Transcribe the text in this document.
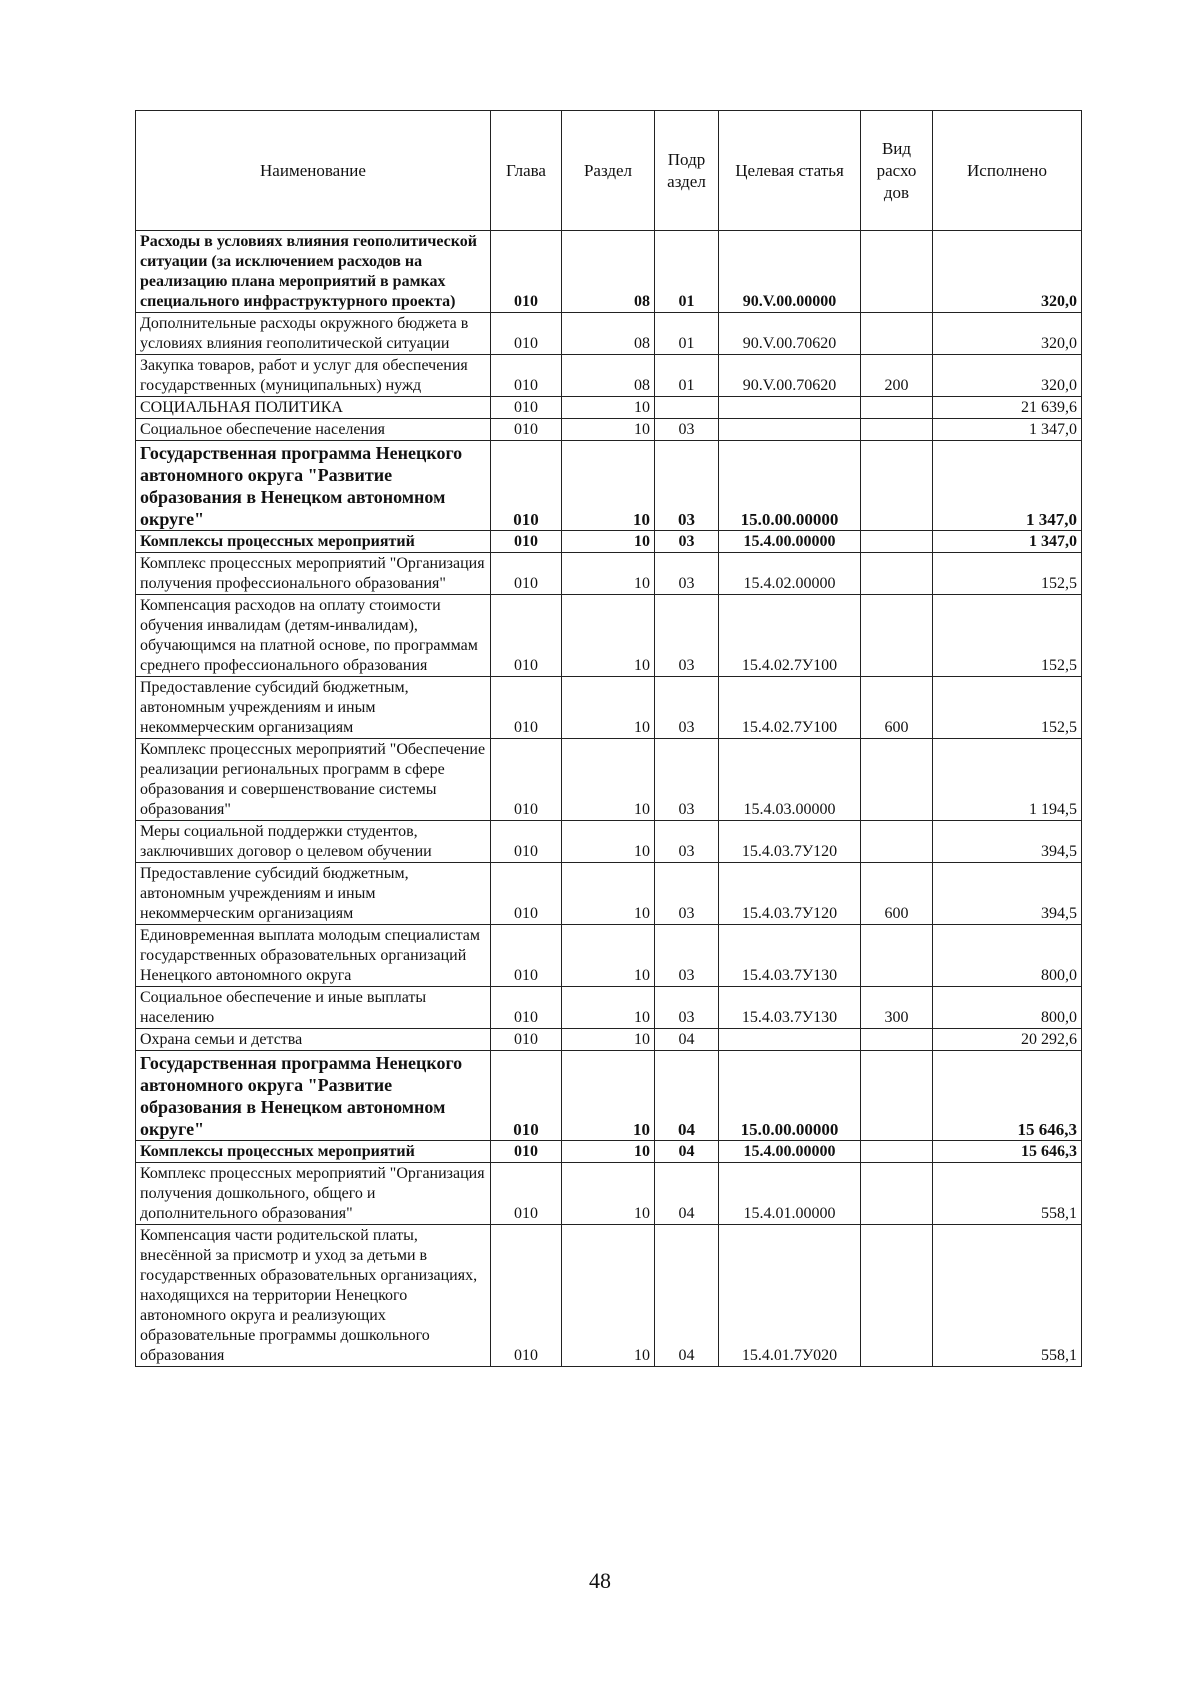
Наименование	Глава	Раздел	Подр аздел	Целевая статья	Вид расхо дов	Исполнено
Расходы в условиях влияния геополитической ситуации (за исключением расходов на реализацию плана мероприятий в рамках специального инфраструктурного проекта)	010	08	01	90.V.00.00000		320,0
Дополнительные расходы окружного бюджета в условиях влияния геополитической ситуации	010	08	01	90.V.00.70620		320,0
Закупка товаров, работ и услуг для обеспечения государственных (муниципальных) нужд	010	08	01	90.V.00.70620	200	320,0
СОЦИАЛЬНАЯ ПОЛИТИКА	010	10				21 639,6
Социальное обеспечение населения	010	10	03			1 347,0
Государственная программа Ненецкого автономного округа "Развитие образования в Ненецком автономном округе"	010	10	03	15.0.00.00000		1 347,0
Комплексы процессных мероприятий	010	10	03	15.4.00.00000		1 347,0
Комплекс процессных мероприятий "Организация получения профессионального образования"	010	10	03	15.4.02.00000		152,5
Компенсация расходов на оплату стоимости обучения инвалидам (детям-инвалидам), обучающимся на платной основе, по программам среднего профессионального образования	010	10	03	15.4.02.7У100		152,5
Предоставление субсидий бюджетным, автономным учреждениям и иным некоммерческим организациям	010	10	03	15.4.02.7У100	600	152,5
Комплекс процессных мероприятий "Обеспечение реализации региональных программ в сфере образования и совершенствование системы образования"	010	10	03	15.4.03.00000		1 194,5
Меры социальной поддержки студентов, заключивших договор о целевом обучении	010	10	03	15.4.03.7У120		394,5
Предоставление субсидий бюджетным, автономным учреждениям и иным некоммерческим организациям	010	10	03	15.4.03.7У120	600	394,5
Единовременная выплата молодым специалистам государственных образовательных организаций Ненецкого автономного округа	010	10	03	15.4.03.7У130		800,0
Социальное обеспечение и иные выплаты населению	010	10	03	15.4.03.7У130	300	800,0
Охрана семьи и детства	010	10	04			20 292,6
Государственная программа Ненецкого автономного округа "Развитие образования в Ненецком автономном округе"	010	10	04	15.0.00.00000		15 646,3
Комплексы процессных мероприятий	010	10	04	15.4.00.00000		15 646,3
Комплекс процессных мероприятий "Организация получения дошкольного, общего и дополнительного образования"	010	10	04	15.4.01.00000		558,1
Компенсация части родительской платы, внесённой за присмотр и уход за детьми в государственных образовательных организациях, находящихся на территории Ненецкого автономного округа и реализующих образовательные программы дошкольного образования	010	10	04	15.4.01.7У020		558,1
48
